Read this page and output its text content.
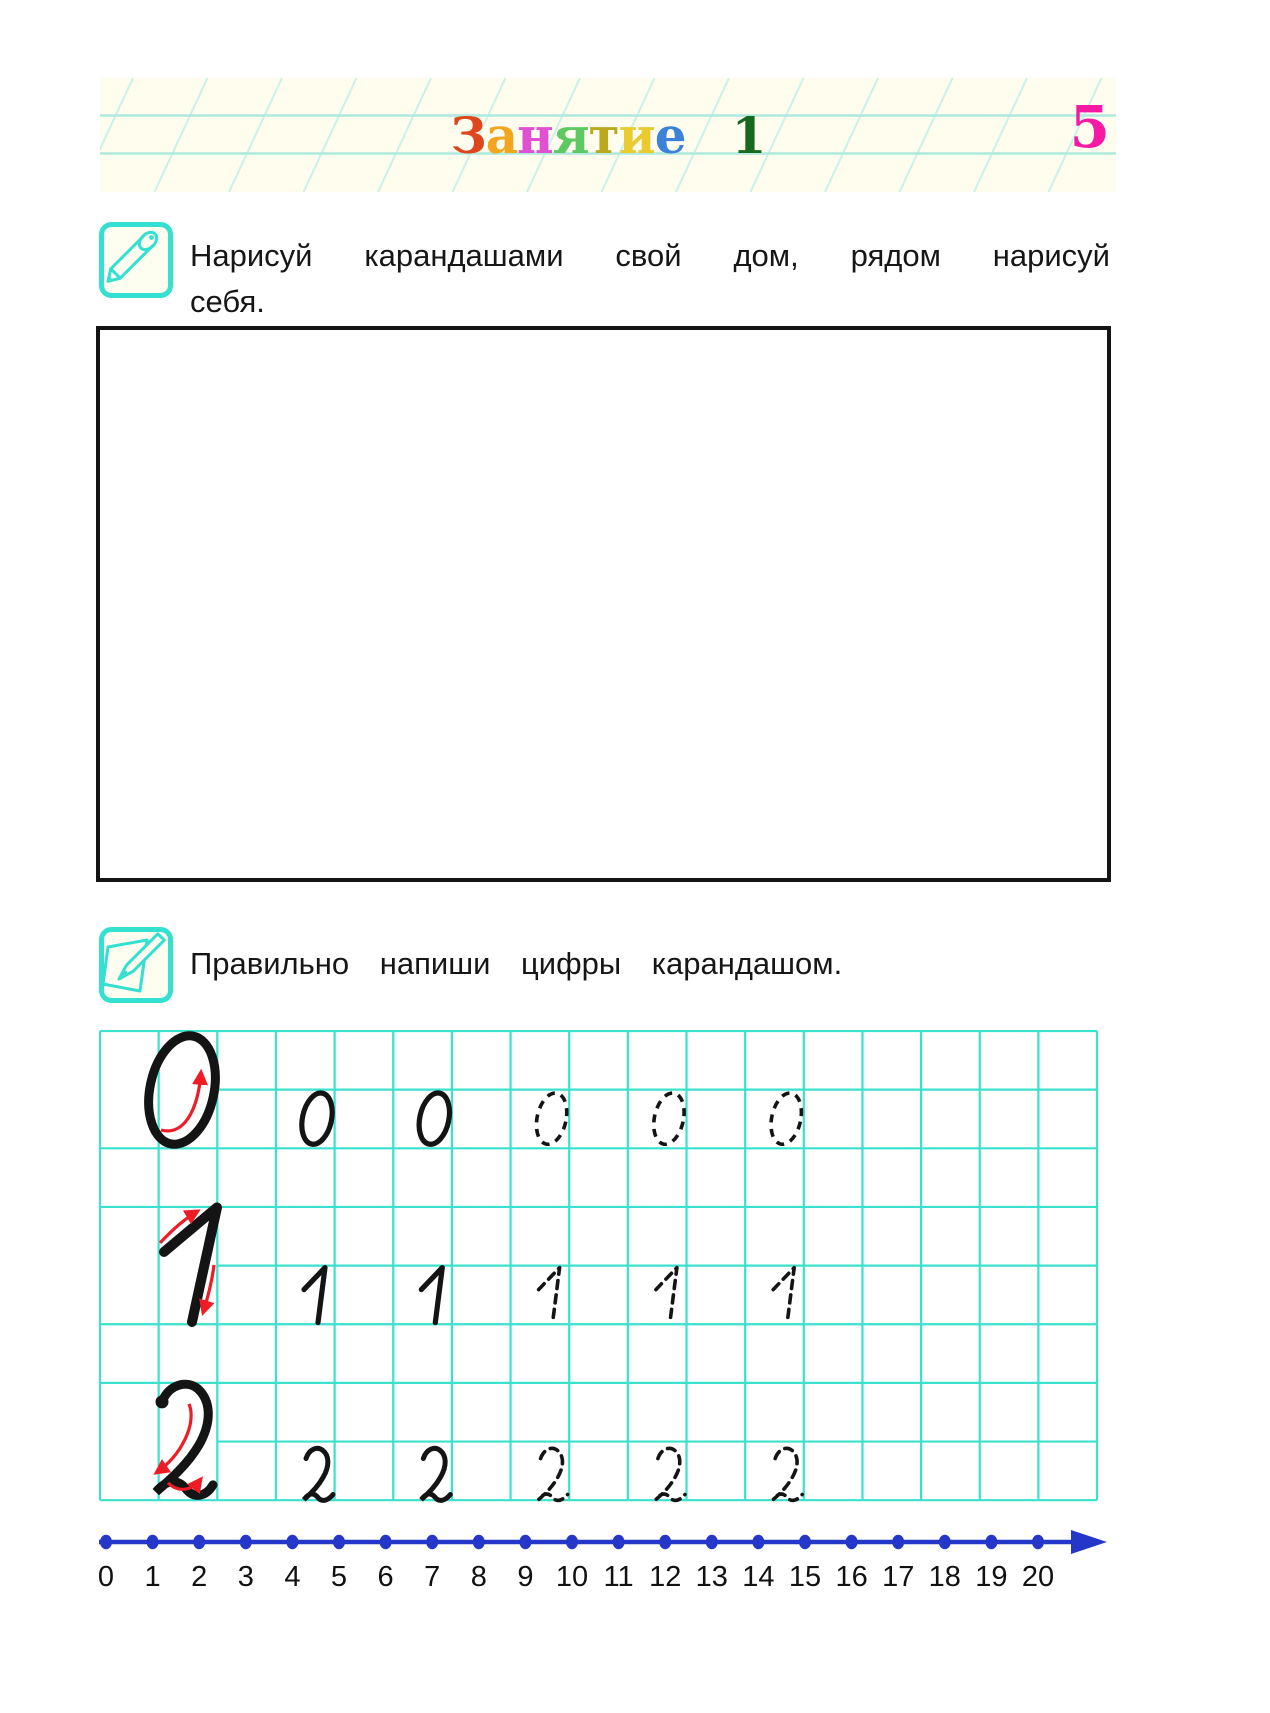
Занятие 1	5
Нарисуй карандашами свой дом, рядом нарисуй
себя.
Правильно напиши цифры карандашом.
0 1 2 3 4 5 6 7 8 9 10 11 12 13 14 15 16 17 18 19 20
